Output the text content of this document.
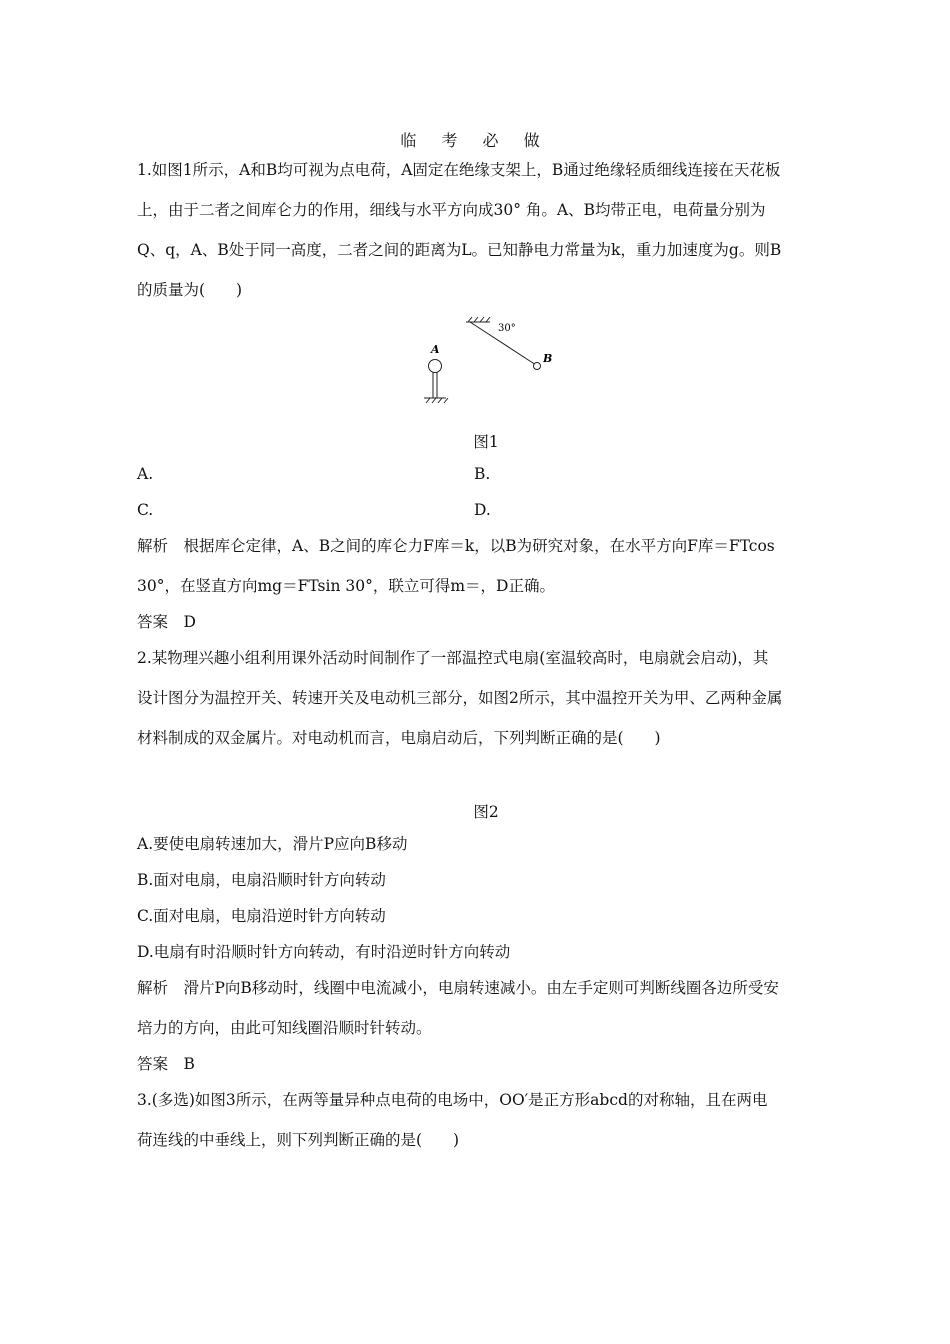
临 考 必 做
1.如图1所示，A和B均可视为点电荷，A固定在绝缘支架上，B通过绝缘轻质细线连接在天花板
上，由于二者之间库仑力的作用，细线与水平方向成30° 角。A、B均带正电，电荷量分别为
Q、q，A、B处于同一高度，二者之间的距离为L。已知静电力常量为k，重力加速度为g。则B
的质量为(　　)
30°
B
A
图1
A.	B.
C.	D.
解析　根据库仑定律，A、B之间的库仑力F库＝k，以B为研究对象，在水平方向F库＝FTcos
30°，在竖直方向mg＝FTsin 30°，联立可得m＝，D正确。
答案　D
2.某物理兴趣小组利用课外活动时间制作了一部温控式电扇(室温较高时，电扇就会启动)，其
设计图分为温控开关、转速开关及电动机三部分，如图2所示，其中温控开关为甲、乙两种金属
材料制成的双金属片。对电动机而言，电扇启动后，下列判断正确的是(　　)
图2
A.要使电扇转速加大，滑片P应向B移动
B.面对电扇，电扇沿顺时针方向转动
C.面对电扇，电扇沿逆时针方向转动
D.电扇有时沿顺时针方向转动，有时沿逆时针方向转动
解析　滑片P向B移动时，线圈中电流减小，电扇转速减小。由左手定则可判断线圈各边所受安
培力的方向，由此可知线圈沿顺时针转动。
答案　B
3.(多选)如图3所示，在两等量异种点电荷的电场中，OO′是正方形abcd的对称轴，且在两电
荷连线的中垂线上，则下列判断正确的是(　　)
